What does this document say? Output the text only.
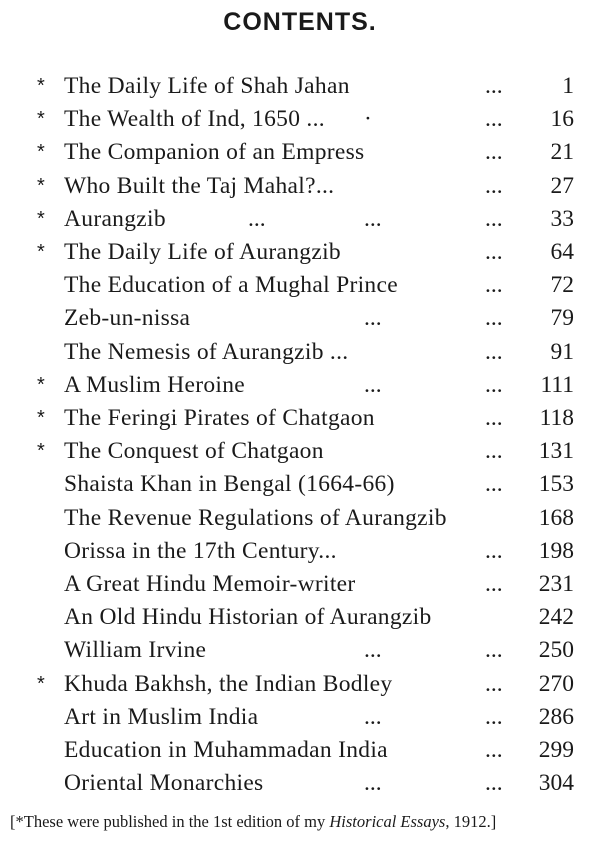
CONTENTS.
* The Daily Life of Shah Jahan	...	1
* The Wealth of Ind, 1650 ... ·	... 16
* The Companion of an Empress	... 21
* Who Built the Taj Mahal?...	... 27
* Aurangzib	...	...	... 33
* The Daily Life of Aurangzib	... 64
The Education of a Mughal Prince	... 72
Zeb-un-nissa	...	... 79
The Nemesis of Aurangzib ...	... 91
* A Muslim Heroine	...	... 111
* The Feringi Pirates of Chatgaon	... 118
* The Conquest of Chatgaon	... 131
Shaista Khan in Bengal (1664-66)	... 153
The Revenue Regulations of Aurangzib	168
Orissa in the 17th Century...	... 198
A Great Hindu Memoir-writer	... 231
An Old Hindu Historian of Aurangzib	242
William Irvine	...	... 250
* Khuda Bakhsh, the Indian Bodley	... 270
Art in Muslim India	...	... 286
Education in Muhammadan India	... 299
Oriental Monarchies	...	... 304
[*These were published in the 1st edition of my Historical Essays, 1912.]
